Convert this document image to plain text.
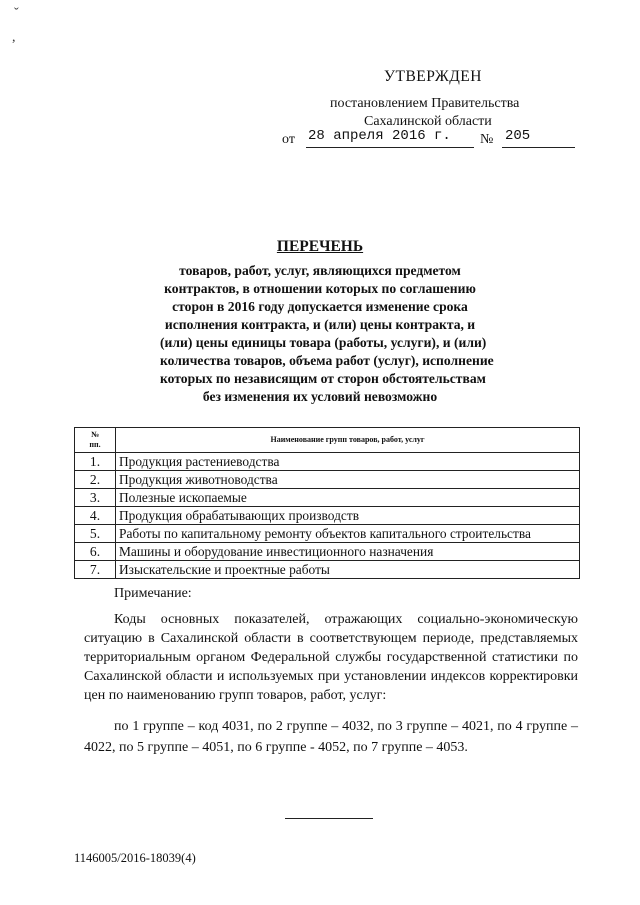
ˇ
,
УТВЕРЖДЕН
постановлением Правительства
Сахалинской области
от 28 апреля 2016 г.	№ 205
ПЕРЕЧЕНЬ
товаров, работ, услуг, являющихся предметом
контрактов, в отношении которых по соглашению
сторон в 2016 году допускается изменение срока
исполнения контракта, и (или) цены контракта, и
(или) цены единицы товара (работы, услуги), и (или)
количества товаров, объема работ (услуг), исполнение
которых по независящим от сторон обстоятельствам
без изменения их условий невозможно
№
пп.	Наименование групп товаров, работ, услуг
1.	Продукция растениеводства
2.	Продукция животноводства
3.	Полезные ископаемые
4.	Продукция обрабатывающих производств
5.	Работы по капитальному ремонту объектов капитального строительства
6.	Машины и оборудование инвестиционного назначения
7.	Изыскательские и проектные работы
Примечание:

Коды основных показателей, отражающих социально-экономическую ситуацию в Сахалинской области в соответствующем периоде, представляемых территориальным органом Федеральной службы государственной статистики по Сахалинской области и используемых при установлении индексов корректировки цен по наименованию групп товаров, работ, услуг:

по 1 группе – код 4031, по 2 группе – 4032, по 3 группе – 4021, по 4 группе – 4022, по 5 группе – 4051, по 6 группе - 4052, по 7 группе – 4053.

1146005/2016-18039(4)
